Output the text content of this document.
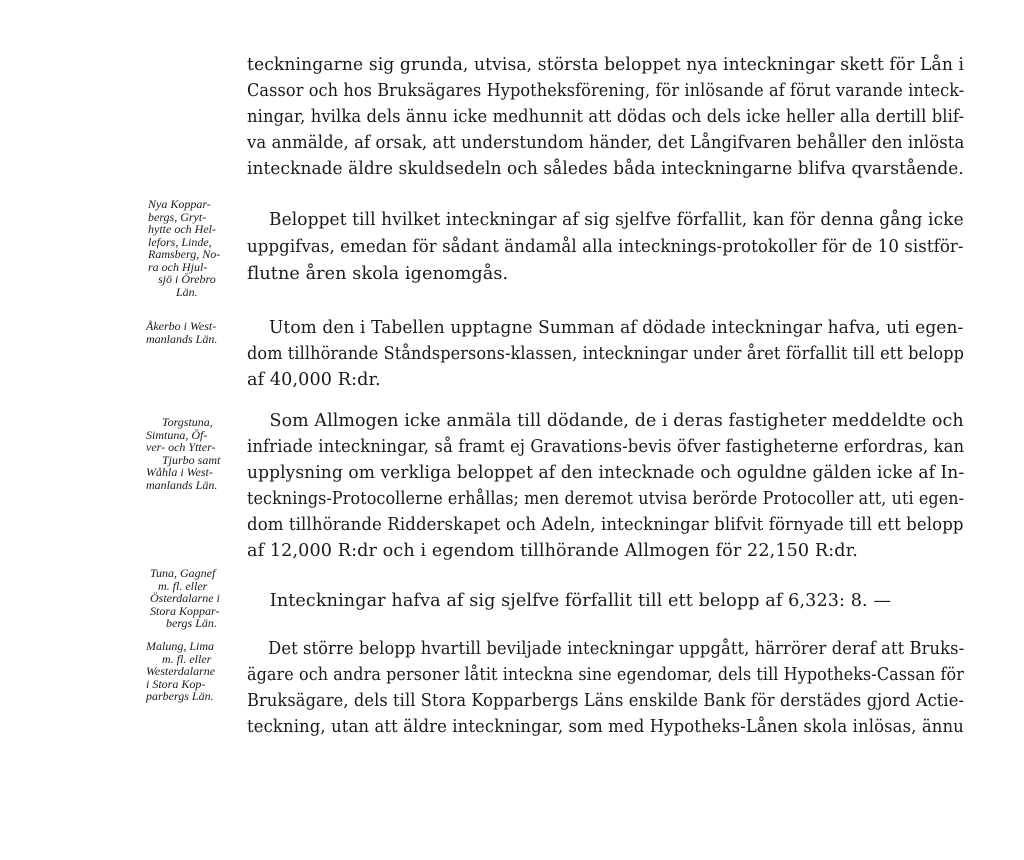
teckningarne sig grunda, utvisa, största beloppet nya inteckningar skett för Lån i
Cassor och hos Bruksägares Hypotheksförening, för inlösande af förut varande inteck-
ningar, hvilka dels ännu icke medhunnit att dödas och dels icke heller alla dertill blif-
va anmälde, af orsak, att understundom händer, det Långifvaren behåller den inlösta
intecknade äldre skuldsedeln och således båda inteckningarne blifva qvarstående.
Nya Koppar-
bergs, Gryt-
hytte och Hel-
lefors, Linde,
Ramsberg, No-
ra och Hjul-
sjö i Örebro
Län.
Beloppet till hvilket inteckningar af sig sjelfve förfallit, kan för denna gång icke
uppgifvas, emedan för sådant ändamål alla intecknings-protokoller för de 10 sistför-
flutne åren skola igenomgås.
Åkerbo i West-
manlands Län.
Utom den i Tabellen upptagne Summan af dödade inteckningar hafva, uti egen-
dom tillhörande Ståndspersons-klassen, inteckningar under året förfallit till ett belopp
af 40,000 R:dr.
Torgstuna,
Simtuna, Öf-
ver- och Ytter-
Tjurbo samt
Wåhla i West-
manlands Län.
Som Allmogen icke anmäla till dödande, de i deras fastigheter meddeldte och
infriade inteckningar, så framt ej Gravations-bevis öfver fastigheterne erfordras, kan
upplysning om verkliga beloppet af den intecknade och oguldne gälden icke af In-
tecknings-Protocollerne erhållas; men deremot utvisa berörde Protocoller att, uti egen-
dom tillhörande Ridderskapet och Adeln, inteckningar blifvit förnyade till ett belopp
af 12,000 R:dr och i egendom tillhörande Allmogen för 22,150 R:dr.
Tuna, Gagnef
m. fl. eller
Österdalarne i
Stora Koppar-
bergs Län.
Inteckningar hafva af sig sjelfve förfallit till ett belopp af 6,323: 8. —
Malung, Lima
m. fl. eller
Westerdalarne
i Stora Kop-
parbergs Län.
Det större belopp hvartill beviljade inteckningar uppgått, härrörer deraf att Bruks-
ägare och andra personer låtit inteckna sine egendomar, dels till Hypotheks-Cassan för
Bruksägare, dels till Stora Kopparbergs Läns enskilde Bank för derstädes gjord Actie-
teckning, utan att äldre inteckningar, som med Hypotheks-Lånen skola inlösas, ännu
